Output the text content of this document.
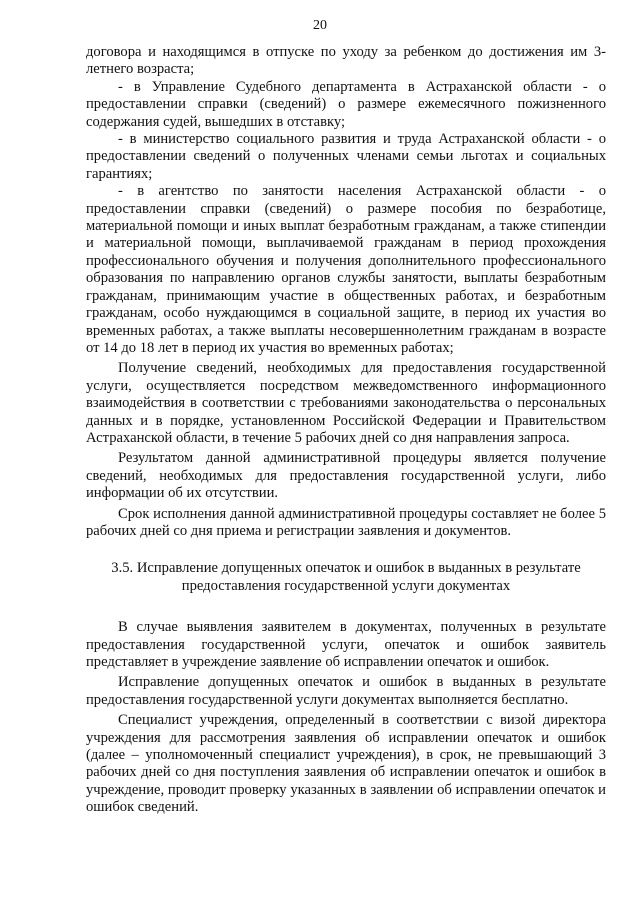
20

договора и находящимся в отпуске по уходу за ребенком до достижения им 3-летнего возраста;

- в Управление Судебного департамента в Астраханской области - о предоставлении справки (сведений) о размере ежемесячного пожизненного содержания судей, вышедших в отставку;

- в министерство социального развития и труда Астраханской области - о предоставлении сведений о полученных членами семьи льготах и социальных гарантиях;

- в агентство по занятости населения Астраханской области - о предоставлении справки (сведений) о размере пособия по безработице, материальной помощи и иных выплат безработным гражданам, а также стипендии и материальной помощи, выплачиваемой гражданам в период прохождения профессионального обучения и получения дополнительного профессионального образования по направлению органов службы занятости, выплаты безработным гражданам, принимающим участие в общественных работах, и безработным гражданам, особо нуждающимся в социальной защите, в период их участия во временных работах, а также выплаты несовершеннолетним гражданам в возрасте от 14 до 18 лет в период их участия во временных работах;

Получение сведений, необходимых для предоставления государственной услуги, осуществляется посредством межведомственного информационного взаимодействия в соответствии с требованиями законодательства о персональных данных и в порядке, установленном Российской Федерации и Правительством Астраханской области, в течение 5 рабочих дней со дня направления запроса.

Результатом данной административной процедуры является получение сведений, необходимых для предоставления государственной услуги, либо информации об их отсутствии.

Срок исполнения данной административной процедуры составляет не более 5 рабочих дней со дня приема и регистрации заявления и документов.

3.5. Исправление допущенных опечаток и ошибок в выданных в результате предоставления государственной услуги документах

В случае выявления заявителем в документах, полученных в результате предоставления государственной услуги, опечаток и ошибок заявитель представляет в учреждение заявление об исправлении опечаток и ошибок.

Исправление допущенных опечаток и ошибок в выданных в результате предоставления государственной услуги документах выполняется бесплатно.

Специалист учреждения, определенный в соответствии с визой директора учреждения для рассмотрения заявления об исправлении опечаток и ошибок (далее – уполномоченный специалист учреждения), в срок, не превышающий 3 рабочих дней со дня поступления заявления об исправлении опечаток и ошибок в учреждение, проводит проверку указанных в заявлении об исправлении опечаток и ошибок сведений.
